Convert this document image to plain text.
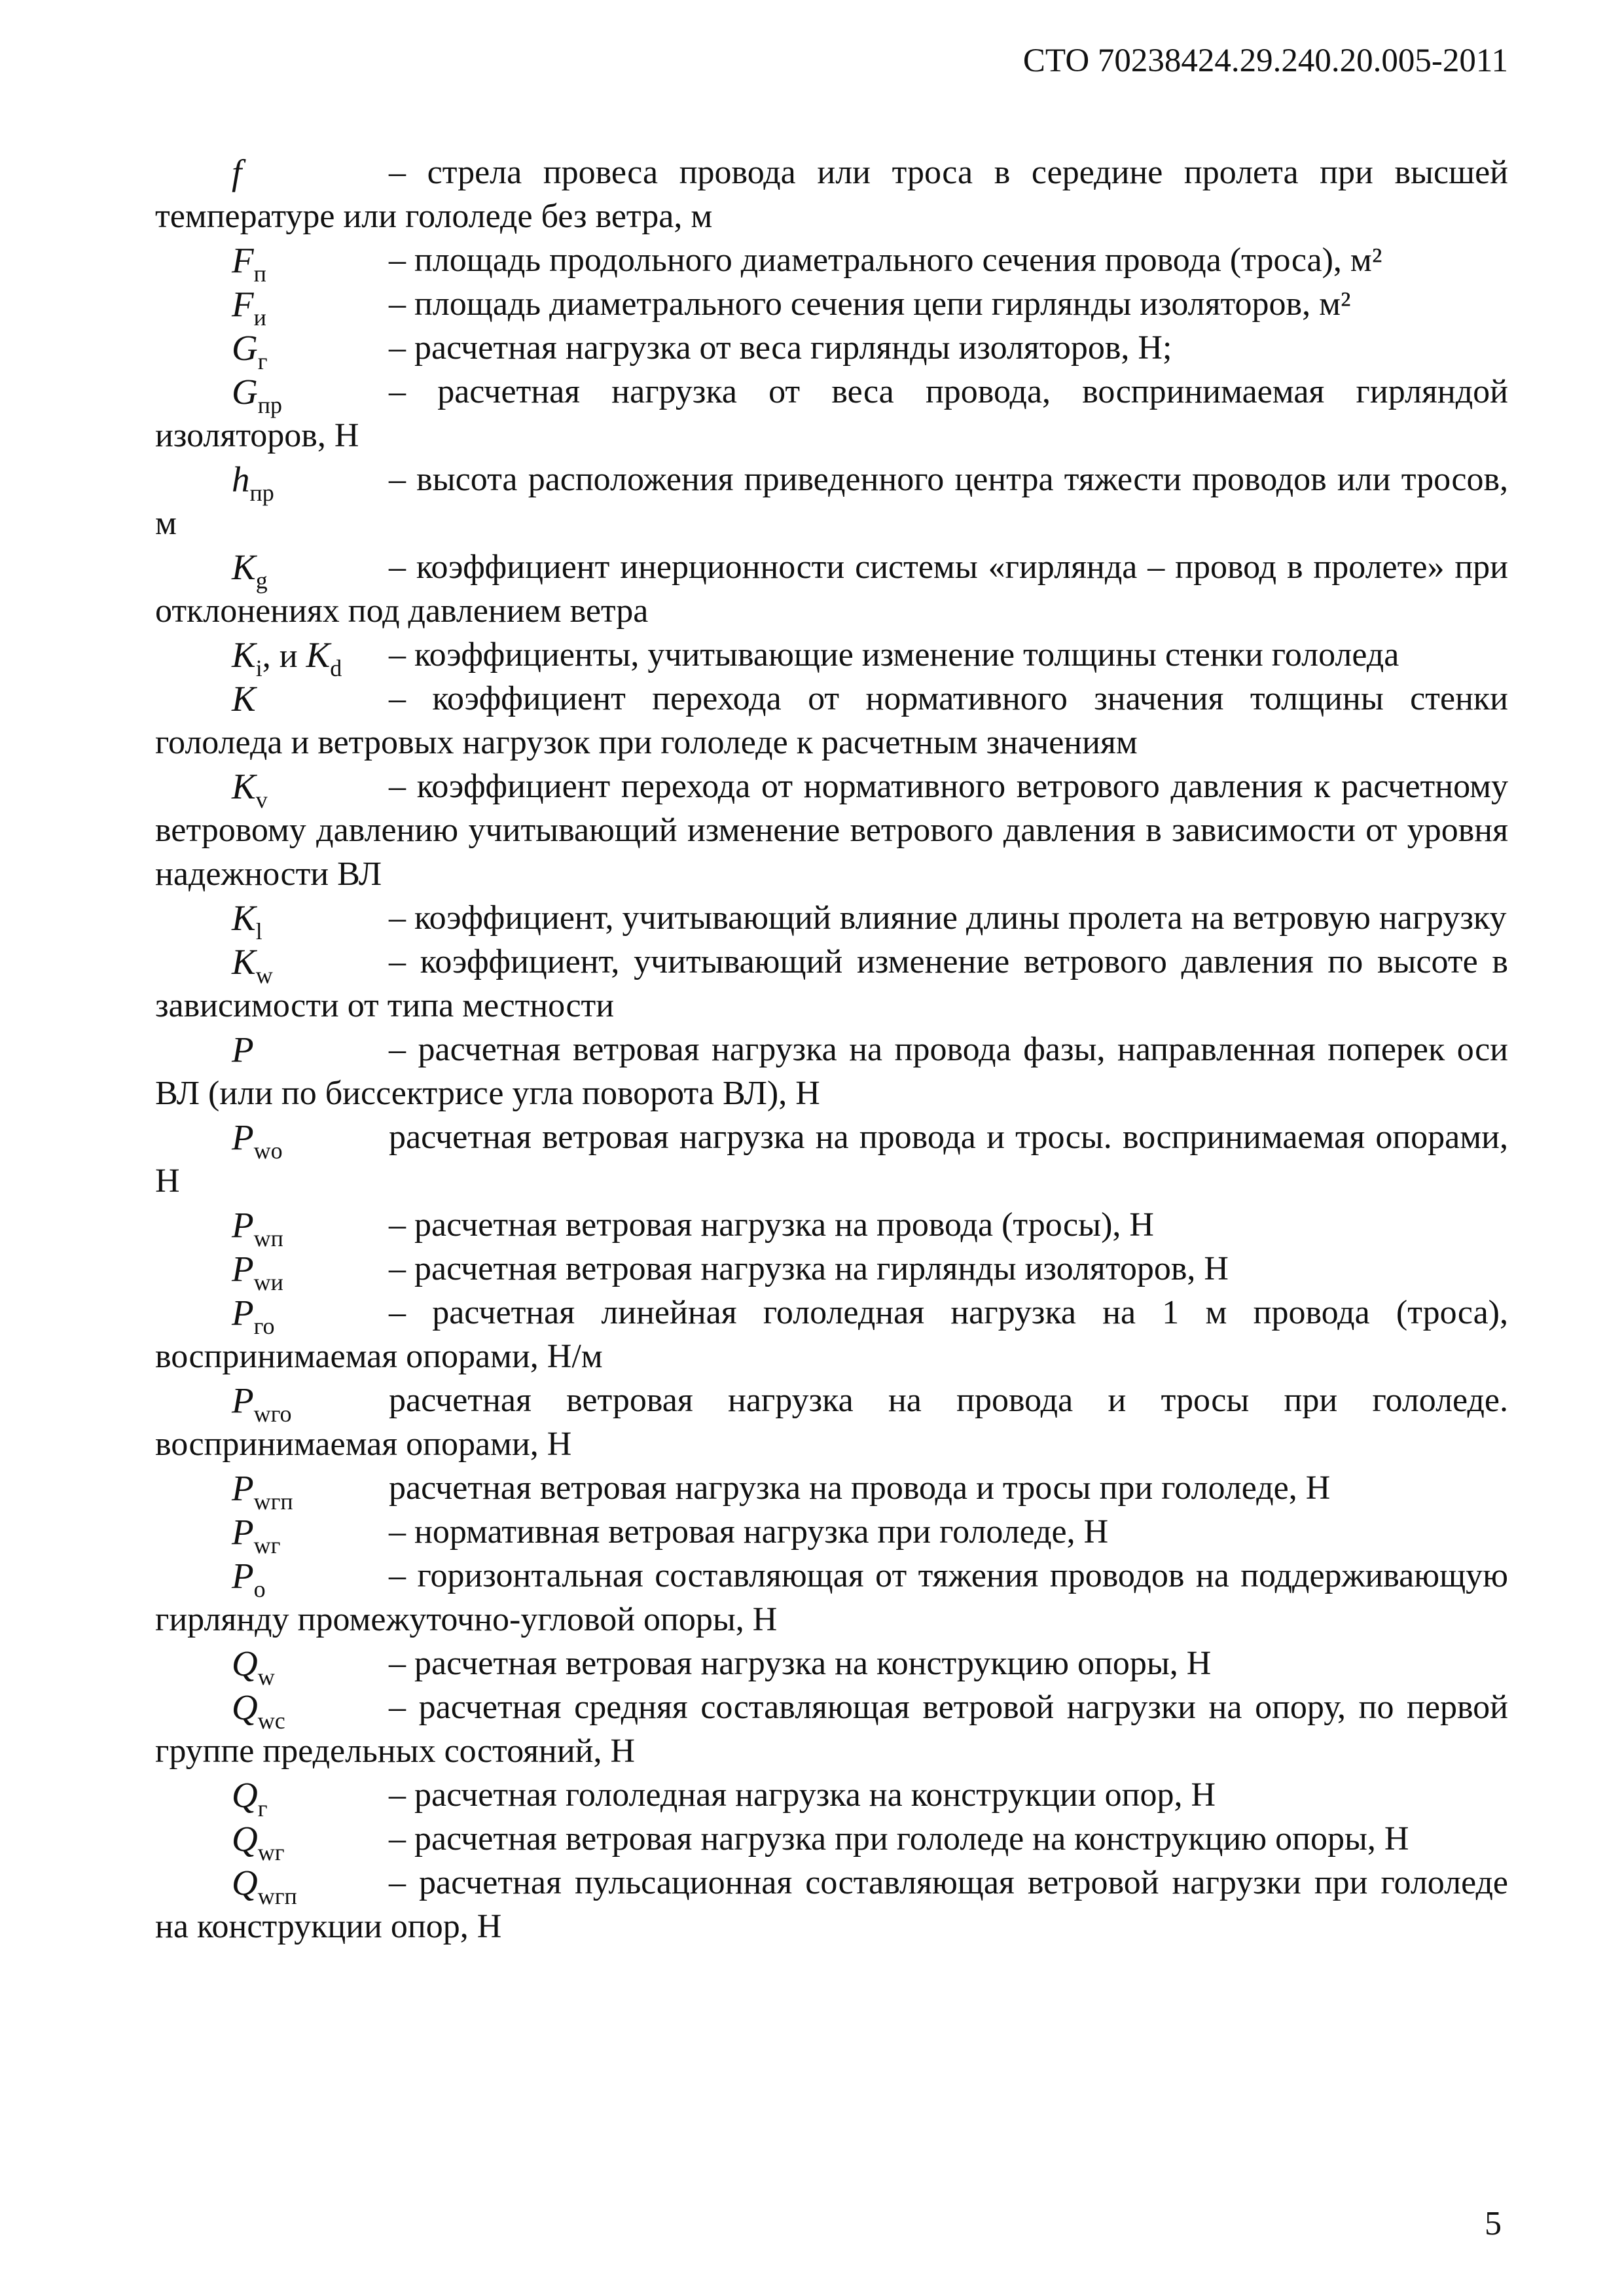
СТО 70238424.29.240.20.005-2011
f	– стрела провеса провода или троса в середине пролета при высшей температуре или гололеде без ветра, м
$F_п$	– площадь продольного диаметрального сечения провода (троса), м²
$F_и$	– площадь диаметрального сечения цепи гирлянды изоляторов, м²
$G_г$	– расчетная нагрузка от веса гирлянды изоляторов, Н;
$G_{пр}$	– расчетная нагрузка от веса провода, воспринимаемая гирляндой изоляторов, Н
$h_{пр}$	– высота расположения приведенного центра тяжести проводов или тросов, м
$K_g$	– коэффициент инерционности системы «гирлянда – провод в пролете» при отклонениях под давлением ветра
$K_i$, и $K_d$ – коэффициенты, учитывающие изменение толщины стенки гололеда
K	– коэффициент перехода от нормативного значения толщины стенки гололеда и ветровых нагрузок при гололеде к расчетным значениям
$K_v$	– коэффициент перехода от нормативного ветрового давления к расчетному ветровому давлению учитывающий изменение ветрового давления в зависимости от уровня надежности ВЛ
$K_l$	– коэффициент, учитывающий влияние длины пролета на ветровую нагрузку
$K_w$	– коэффициент, учитывающий изменение ветрового давления по высоте в зависимости от типа местности
P	– расчетная ветровая нагрузка на провода фазы, направленная поперек оси ВЛ (или по биссектрисе угла поворота ВЛ), Н
$P_{wo}$	расчетная ветровая нагрузка на провода и тросы. воспринимаемая опорами, Н
$P_{wп}$	– расчетная ветровая нагрузка на провода (тросы), Н
$P_{wи}$	– расчетная ветровая нагрузка на гирлянды изоляторов, Н
$P_{го}$	– расчетная линейная гололедная нагрузка на 1 м провода (троса), воспринимаемая опорами, Н/м
$P_{wго}$	расчетная ветровая нагрузка на провода и тросы при гололеде. воспринимаемая опорами, Н
$P_{wгп}$	расчетная ветровая нагрузка на провода и тросы при гололеде, Н
$P_{wг}$	– нормативная ветровая нагрузка при гололеде, Н
$P_o$	– горизонтальная составляющая от тяжения проводов на поддерживающую гирлянду промежуточно-угловой опоры, Н
$Q_w$	– расчетная ветровая нагрузка на конструкцию опоры, Н
$Q_{wc}$	– расчетная средняя составляющая ветровой нагрузки на опору, по первой группе предельных состояний, Н
$Q_г$	– расчетная гололедная нагрузка на конструкции опор, Н
$Q_{wг}$	– расчетная ветровая нагрузка при гололеде на конструкцию опоры, Н
$Q_{wгп}$	– расчетная пульсационная составляющая ветровой нагрузки при гололеде на конструкции опор, Н
5
